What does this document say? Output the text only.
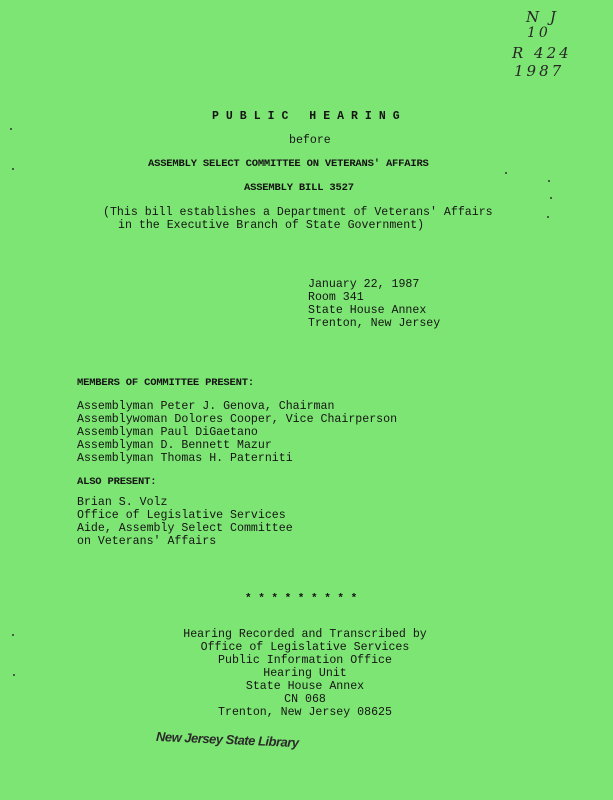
N J
10
R 424
1987
PUBLIC HEARING
before
ASSEMBLY SELECT COMMITTEE ON VETERANS' AFFAIRS
ASSEMBLY BILL 3527
(This bill establishes a Department of Veterans' Affairs
in the Executive Branch of State Government)
January 22, 1987
Room 341
State House Annex
Trenton, New Jersey
MEMBERS OF COMMITTEE PRESENT:
Assemblyman Peter J. Genova, Chairman
Assemblywoman Dolores Cooper, Vice Chairperson
Assemblyman Paul DiGaetano
Assemblyman D. Bennett Mazur
Assemblyman Thomas H. Paterniti
ALSO PRESENT:
Brian S. Volz
Office of Legislative Services
Aide, Assembly Select Committee
on Veterans' Affairs
* * * * * * * * *
Hearing Recorded and Transcribed by
Office of Legislative Services
Public Information Office
Hearing Unit
State House Annex
CN 068
Trenton, New Jersey 08625
New Jersey State Library
